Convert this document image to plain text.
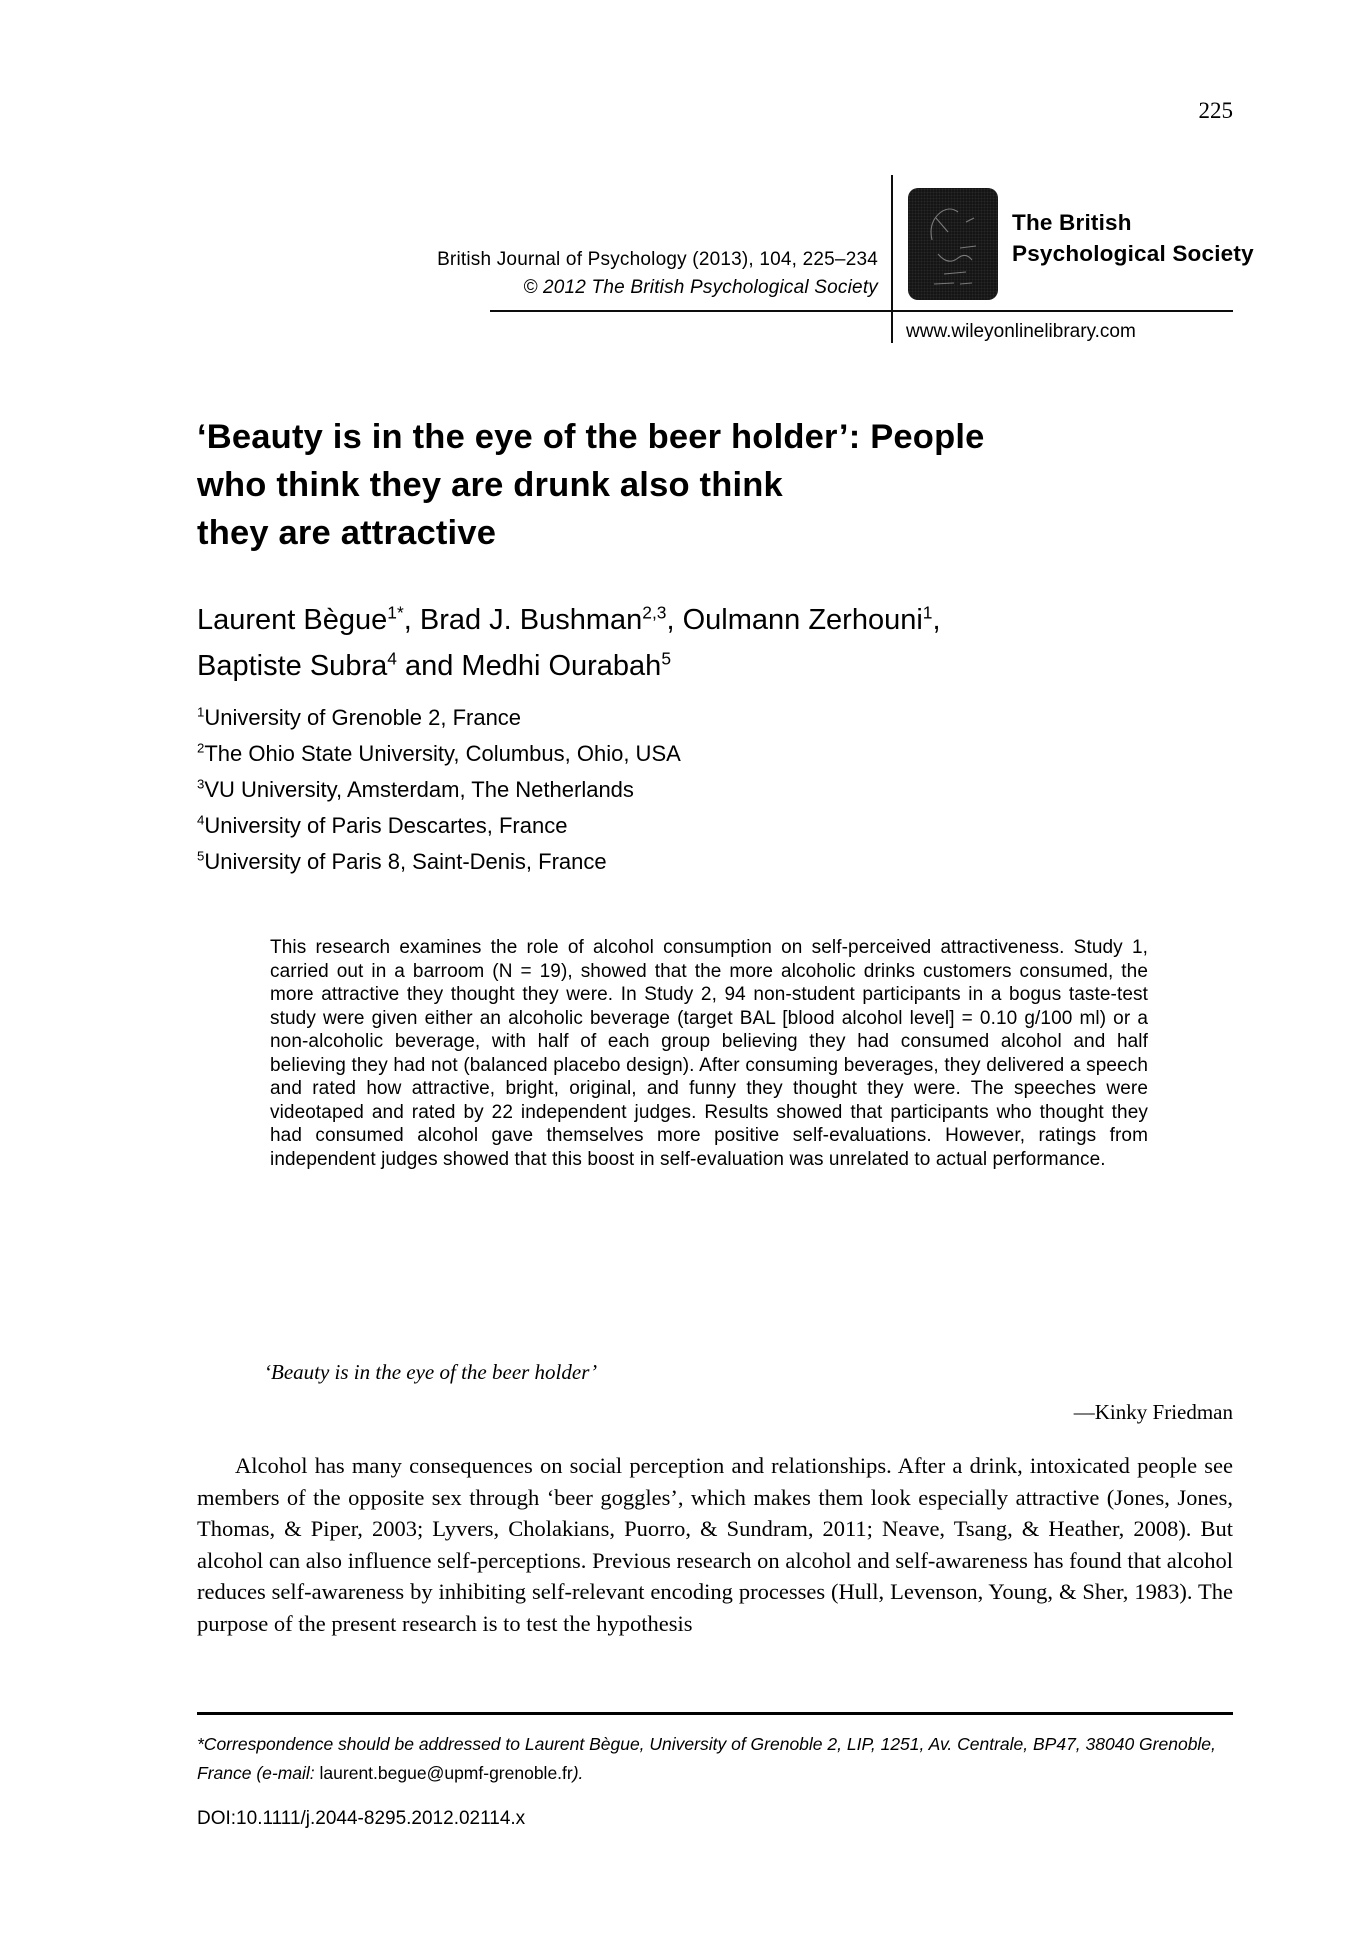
225
British Journal of Psychology (2013), 104, 225–234
© 2012 The British Psychological Society
The British
Psychological Society
www.wileyonlinelibrary.com
‘Beauty is in the eye of the beer holder’: People
who think they are drunk also think
they are attractive
Laurent Bègue$^{1*}$, Brad J. Bushman$^{2,3}$, Oulmann Zerhouni$^1$,
Baptiste Subra$^4$ and Medhi Ourabah$^5$
$^1$University of Grenoble 2, France
$^2$The Ohio State University, Columbus, Ohio, USA
$^3$VU University, Amsterdam, The Netherlands
$^4$University of Paris Descartes, France
$^5$University of Paris 8, Saint-Denis, France
This research examines the role of alcohol consumption on self-perceived attractiveness. Study 1, carried out in a barroom (N = 19), showed that the more alcoholic drinks customers consumed, the more attractive they thought they were. In Study 2, 94 non-student participants in a bogus taste-test study were given either an alcoholic beverage (target BAL [blood alcohol level] = 0.10 g/100 ml) or a non-alcoholic beverage, with half of each group believing they had consumed alcohol and half believing they had not (balanced placebo design). After consuming beverages, they delivered a speech and rated how attractive, bright, original, and funny they thought they were. The speeches were videotaped and rated by 22 independent judges. Results showed that participants who thought they had consumed alcohol gave themselves more positive self-evaluations. However, ratings from independent judges showed that this boost in self-evaluation was unrelated to actual performance.
‘Beauty is in the eye of the beer holder’
—Kinky Friedman

Alcohol has many consequences on social perception and relationships. After a drink, intoxicated people see members of the opposite sex through ‘beer goggles’, which makes them look especially attractive (Jones, Jones, Thomas, & Piper, 2003; Lyvers, Cholakians, Puorro, & Sundram, 2011; Neave, Tsang, & Heather, 2008). But alcohol can also influence self-perceptions. Previous research on alcohol and self-awareness has found that alcohol reduces self-awareness by inhibiting self-relevant encoding processes (Hull, Levenson, Young, & Sher, 1983). The purpose of the present research is to test the hypothesis

*Correspondence should be addressed to Laurent Bègue, University of Grenoble 2, LIP, 1251, Av. Centrale, BP47, 38040 Grenoble, France (e-mail: laurent.begue@upmf-grenoble.fr).
DOI:10.1111/j.2044-8295.2012.02114.x
